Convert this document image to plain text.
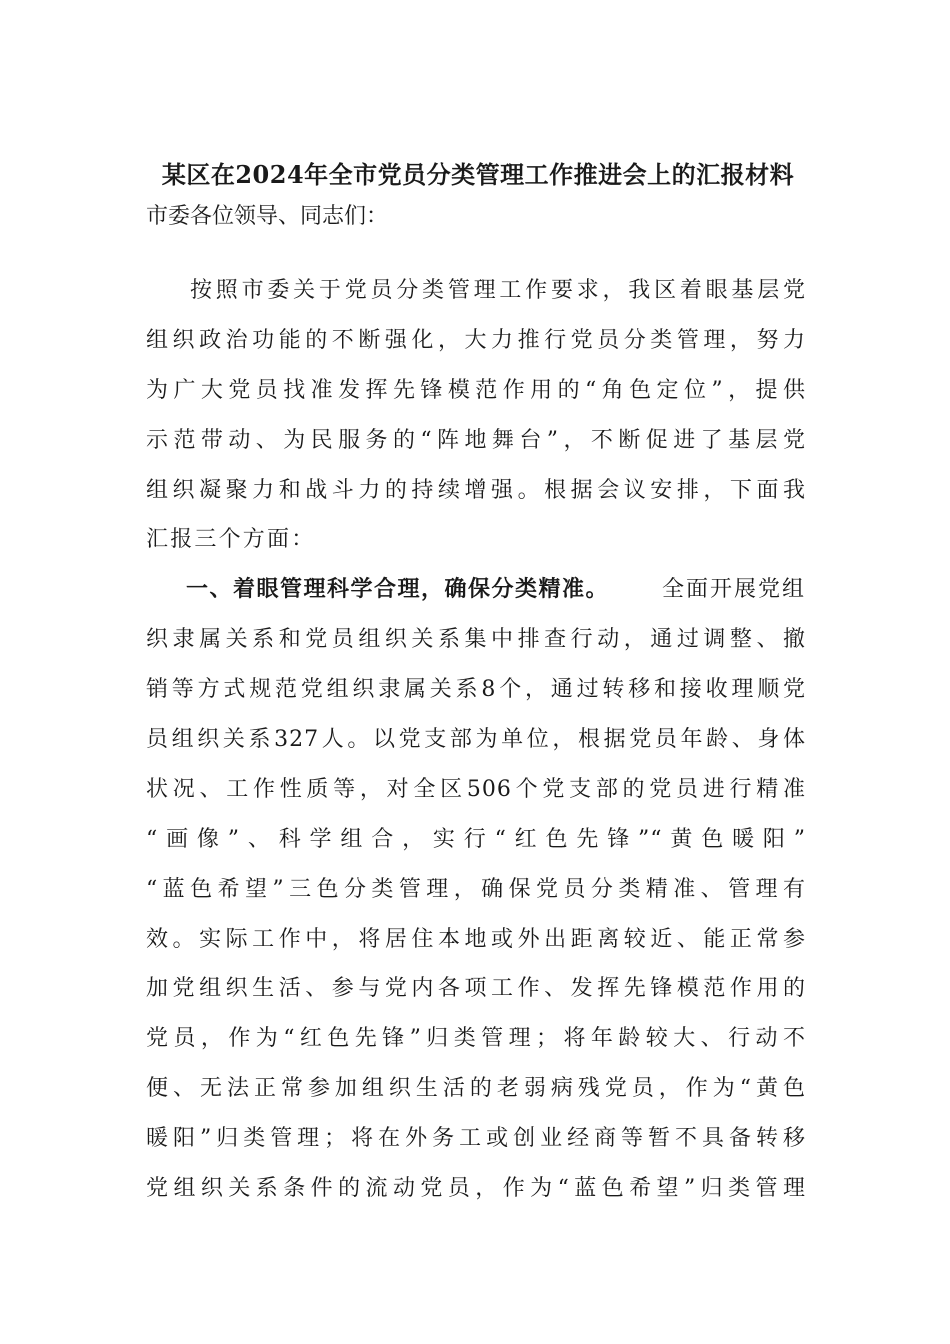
某区在2024年全市党员分类管理工作推进会上的汇报材料
市委各位领导、同志们：
按照市委关于党员分类管理工作要求，我区着眼基层党
组织政治功能的不断强化，大力推行党员分类管理，努力
为广大党员找准发挥先锋模范作用的“角色定位”，提供
示范带动、为民服务的“阵地舞台”，不断促进了基层党
组织凝聚力和战斗力的持续增强。根据会议安排，下面我
汇报三个方面：
一、着眼管理科学合理，确保分类精准。 全面开展党组
织隶属关系和党员组织关系集中排查行动，通过调整、撤
销等方式规范党组织隶属关系8个，通过转移和接收理顺党
员组织关系327人。以党支部为单位，根据党员年龄、身体
状况、工作性质等，对全区506个党支部的党员进行精准
“画像”、科学组合，实行“红色先锋”“黄色暖阳”
“蓝色希望”三色分类管理，确保党员分类精准、管理有
效。实际工作中，将居住本地或外出距离较近、能正常参
加党组织生活、参与党内各项工作、发挥先锋模范作用的
党员，作为“红色先锋”归类管理；将年龄较大、行动不
便、无法正常参加组织生活的老弱病残党员，作为“黄色
暖阳”归类管理；将在外务工或创业经商等暂不具备转移
党组织关系条件的流动党员，作为“蓝色希望”归类管理
